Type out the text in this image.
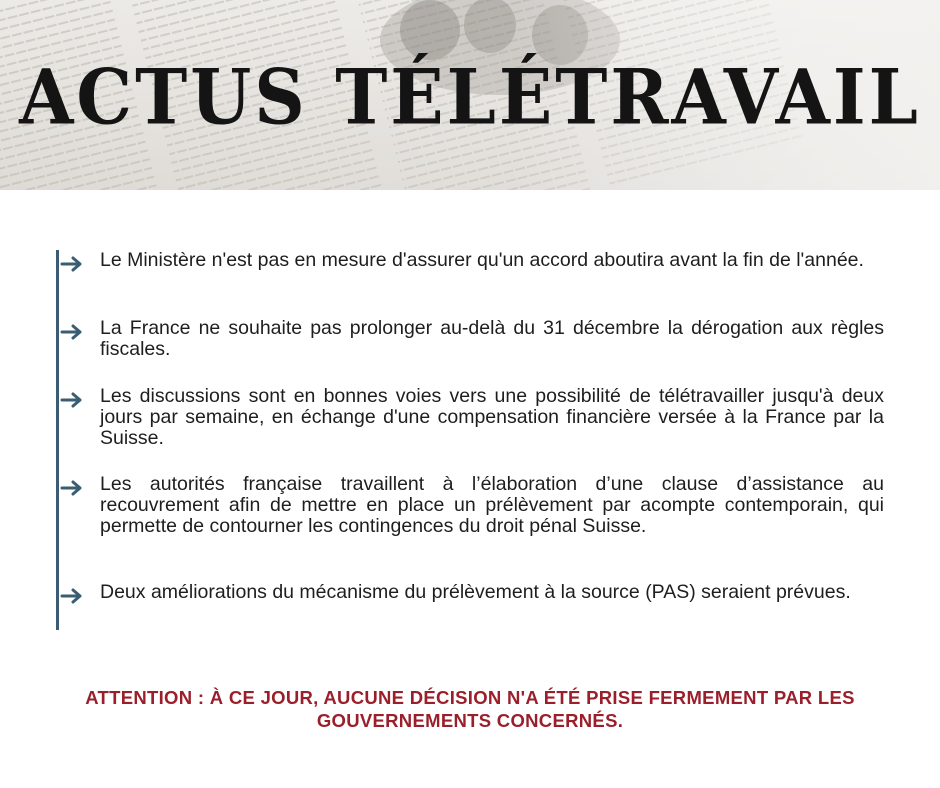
ACTUS TÉLÉTRAVAIL
Le Ministère n'est pas en mesure d'assurer qu'un accord aboutira avant la fin de l'année.
La France ne souhaite pas prolonger au-delà du 31 décembre la dérogation aux règles fiscales.
Les discussions sont en bonnes voies vers une possibilité de télétravailler jusqu'à deux jours par semaine, en échange d'une compensation financière versée à la France par la Suisse.
Les autorités française travaillent à l’élaboration d’une clause d’assistance au recouvrement afin de mettre en place un prélèvement par acompte contemporain, qui permette de contourner les contingences du droit pénal Suisse.
Deux améliorations du mécanisme du prélèvement à la source (PAS) seraient prévues.
ATTENTION : À CE JOUR, AUCUNE DÉCISION N'A ÉTÉ PRISE FERMEMENT PAR LES GOUVERNEMENTS CONCERNÉS.
